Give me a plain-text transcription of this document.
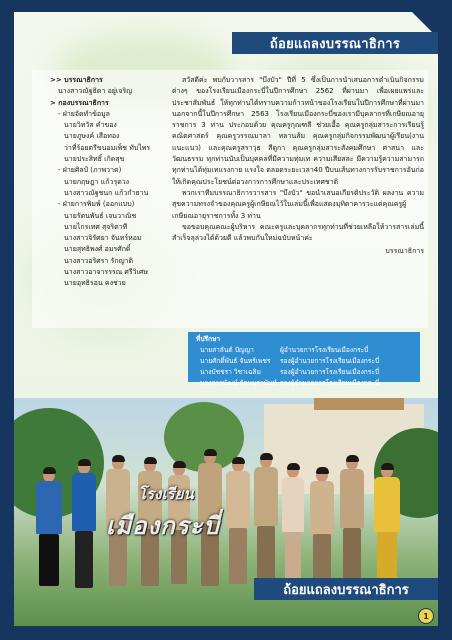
ถ้อยแถลงบรรณาธิการ
>> บรรณาธิการ
นางสาวณัฐธิดา อยู่เจริญ
> กองบรรณาธิการ
- ฝ่ายจัดทำข้อมูล
นายวิทวัส คำของ
นายภูษงค์ เสือทอง
ว่าที่ร้อยตรีขนอมเพ็ช ทับไพร
นายประสิทธิ์ เกิดสุข
- ฝ่ายศิลป์ (ภาพวาด)
นายกฤษฎา แก้วรุดวง
นางสาวณัฐชนก แก้วกำธาน
- ฝ่ายการพิมพ์ (ออกแบบ)
นายรัตนพันธ์ เจนวาณิช
นายไกรเทศ สุจริตาที
นางสาวจิรัศยา จันทร์หอม
นายสุทธิพงศ์ อมรศักดิ์
นางสาวอริศรา รักญาติ
นางสาวอาจารรรณ ศรีวิเศษ
นายอุทธิรอน คงช่วย

สวัสดีค่ะ พบกับวารสาร "บึงบัว" ปีที่ 5 ซึ่งเป็นการนำเสนอการดำเนินกิจกรรมต่างๆ ของโรงเรียนเมืองกระบี่ในปีการศึกษา 2562 ที่ผ่านมา เพื่อเผยแพร่และประชาสัมพันธ์ ให้ทุกท่านได้ทราบความก้าวหน้าของโรงเรียนในปีการศึกษาที่ผ่านมา นอกจากนี้ในปีการศึกษา 2563 โรงเรียนเมืองกระบี่ของเรามีบุคลากรที่เกษียณอายุราชการ 3 ท่าน ประกอบด้วย คุณครูกุณฑลี ช่วยเอื้อ คุณครูกลุ่มสาระการเรียนรู้คณิตศาสตร์ คุณครูวรรณมาลา หลานส้ม คุณครูกลุ่มกิจกรรมพัฒนาผู้เรียน(งานแนะแนว) และคุณครูสราวุธ สีดูกา คุณครูกลุ่มสาระสังคมศึกษา ศาสนา และวัฒนธรรม ทุกท่านนับเป็นบุคคลที่มีความทุ่มเท ความเสียสละ มีความรู้ความสามารถ ทุกท่านได้ทุ่มเทแรงกาย แรงใจ ตลอดระยะเวลา40 ปีบนเส้นทางการรับราชการอันก่อให้เกิดคุณประโยชน์ต่อวงการการศึกษาและประเทศชาติ

พวกเราทีมบรรณาธิการวารสาร "บึงบัว" ขอนำเสนอเกียรติประวัติ ผลงาน ความสุขความทรงจำของคุณครูผู้เกษียณไว้ในเล่มนี้เพื่อแสดงมุทิตาคารวะแด่คุณครูผู้เกษียณอายุราชการทั้ง 3 ท่าน

ขอขอบคุณคณะผู้บริหาร คณะครูและบุคลากรทุกท่านที่ช่วยเหลือให้วารสารเล่มนี้สำเร็จลุล่วงได้ด้วยดี แล้วพบกันใหม่ฉบับหน้าค่ะ

บรรณาธิการ
ที่ปรึกษา
นายสาลันต์ ปัญญา	ผู้อำนวยการโรงเรียนเมืองกระบี่
นายศักดิ์พันธ์ จันทร์เพชร	รองผู้อำนวยการโรงเรียนเมืองกระบี่
นางบัชชรา วิชาเฉลิม	รองผู้อำนวยการโรงเรียนเมืองกระบี่
นางสาวพัฒน์ รัตนบุรานันท์ รองผู้อำนวยการโรงเรียนเมืองกระบี่
โรงเรียน
เมืองกระบี่
ถ้อยแถลงบรรณาธิการ
1
